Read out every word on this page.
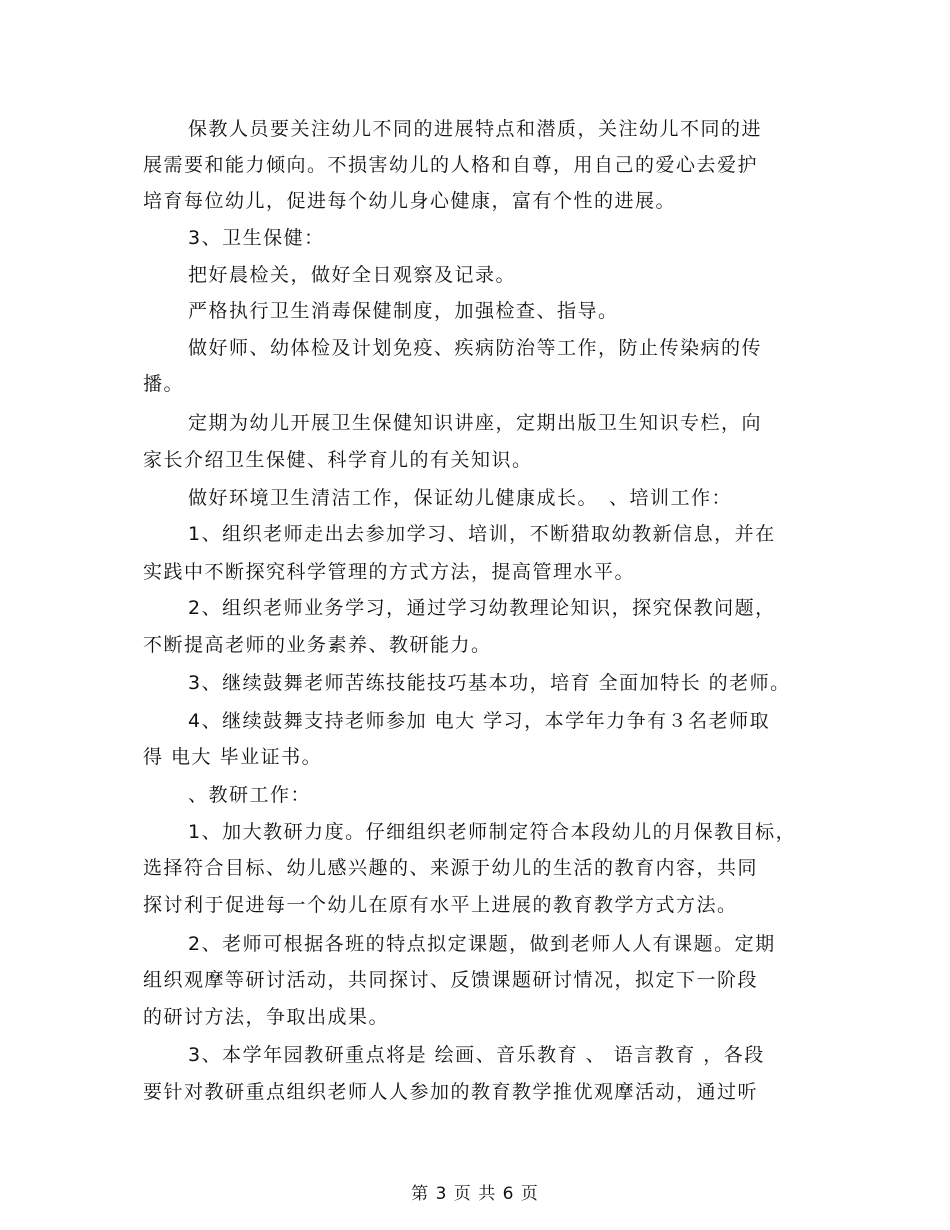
保教人员要关注幼儿不同的进展特点和潜质，关注幼儿不同的进
展需要和能力倾向。不损害幼儿的人格和自尊，用自己的爱心去爱护
培育每位幼儿，促进每个幼儿身心健康，富有个性的进展。
3、卫生保健：
把好晨检关，做好全日观察及记录。
严格执行卫生消毒保健制度，加强检查、指导。
做好师、幼体检及计划免疫、疾病防治等工作，防止传染病的传
播。
定期为幼儿开展卫生保健知识讲座，定期出版卫生知识专栏，向
家长介绍卫生保健、科学育儿的有关知识。
做好环境卫生清洁工作，保证幼儿健康成长。　、培训工作：
1、组织老师走出去参加学习、培训，不断猎取幼教新信息，并在
实践中不断探究科学管理的方式方法，提高管理水平。
2、组织老师业务学习，通过学习幼教理论知识，探究保教问题，
不断提高老师的业务素养、教研能力。
3、继续鼓舞老师苦练技能技巧基本功，培育 全面加特长 的老师。
4、继续鼓舞支持老师参加 电大 学习，本学年力争有３名老师取
得 电大 毕业证书。
、教研工作：
1、加大教研力度。仔细组织老师制定符合本段幼儿的月保教目标，
选择符合目标、幼儿感兴趣的、来源于幼儿的生活的教育内容，共同
探讨利于促进每一个幼儿在原有水平上进展的教育教学方式方法。
2、老师可根据各班的特点拟定课题，做到老师人人有课题。定期
组织观摩等研讨活动，共同探讨、反馈课题研讨情况，拟定下一阶段
的研讨方法，争取出成果。
3、本学年园教研重点将是 绘画、音乐教育 、 语言教育 ，各段
要针对教研重点组织老师人人参加的教育教学推优观摩活动，通过听
第 3 页 共 6 页
